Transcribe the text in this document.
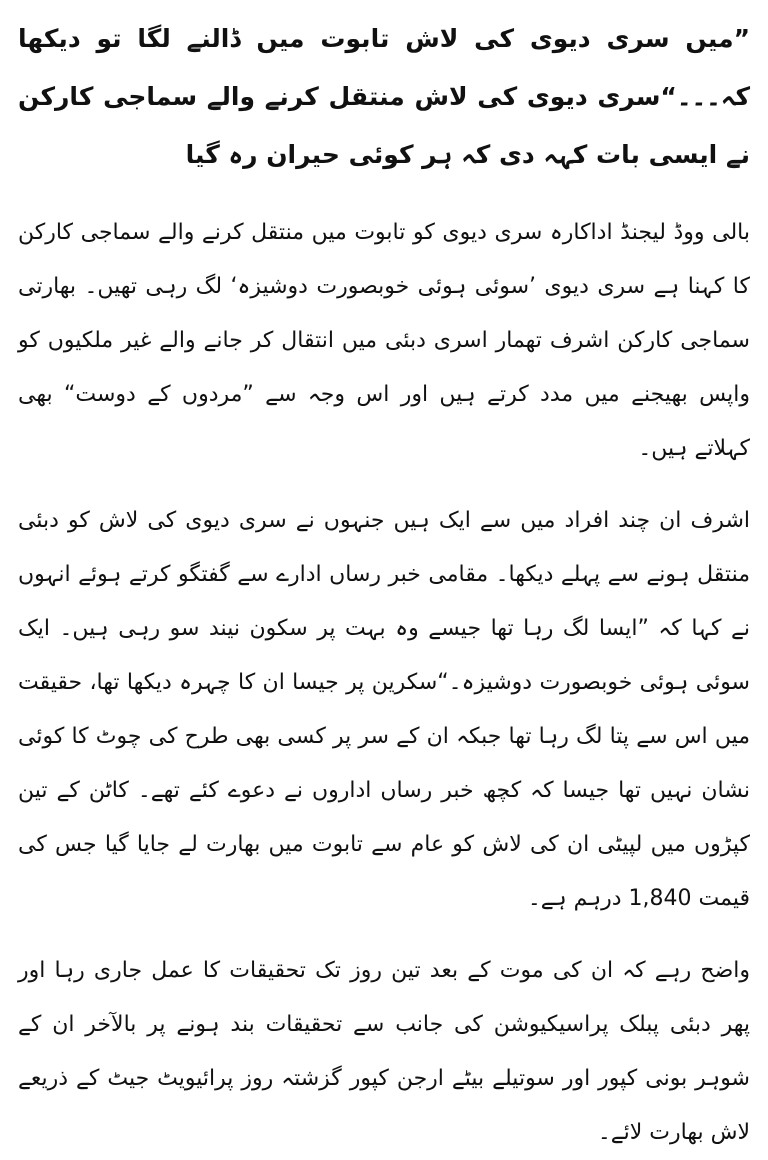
”میں سری دیوی کی لاش تابوت میں ڈالنے لگا تو دیکھا کہ۔۔۔“سری دیوی کی لاش منتقل کرنے والے سماجی کارکن نے ایسی بات کہہ دی کہ ہر کوئی حیران رہ گیا

بالی ووڈ لیجنڈ اداکارہ سری دیوی کو تابوت میں منتقل کرنے والے سماجی کارکن کا کہنا ہے سری دیوی ’سوئی ہوئی خوبصورت دوشیزہ‘ لگ رہی تھیں۔ بھارتی سماجی کارکن اشرف تھمار اسری دبئی میں انتقال کر جانے والے غیر ملکیوں کو واپس بھیجنے میں مدد کرتے ہیں اور اس وجہ سے ”مردوں کے دوست“ بھی کہلاتے ہیں۔

اشرف ان چند افراد میں سے ایک ہیں جنہوں نے سری دیوی کی لاش کو دبئی منتقل ہونے سے پہلے دیکھا۔ مقامی خبر رساں ادارے سے گفتگو کرتے ہوئے انہوں نے کہا کہ ”ایسا لگ رہا تھا جیسے وہ بہت پر سکون نیند سو رہی ہیں۔ ایک سوئی ہوئی خوبصورت دوشیزہ۔“سکرین پر جیسا ان کا چہرہ دیکھا تھا، حقیقت میں اس سے پتا لگ رہا تھا جبکہ ان کے سر پر کسی بھی طرح کی چوٹ کا کوئی نشان نہیں تھا جیسا کہ کچھ خبر رساں اداروں نے دعوے کئے تھے۔ کاٹن کے تین کپڑوں میں لپیٹی ان کی لاش کو عام سے تابوت میں بھارت لے جایا گیا جس کی قیمت 1,840 درہم ہے۔

واضح رہے کہ ان کی موت کے بعد تین روز تک تحقیقات کا عمل جاری رہا اور پھر دبئی پبلک پراسیکیوشن کی جانب سے تحقیقات بند ہونے پر بالآخر ان کے شوہر بونی کپور اور سوتیلے بیٹے ارجن کپور گزشتہ روز پرائیویٹ جیٹ کے ذریعے لاش بھارت لائے۔
